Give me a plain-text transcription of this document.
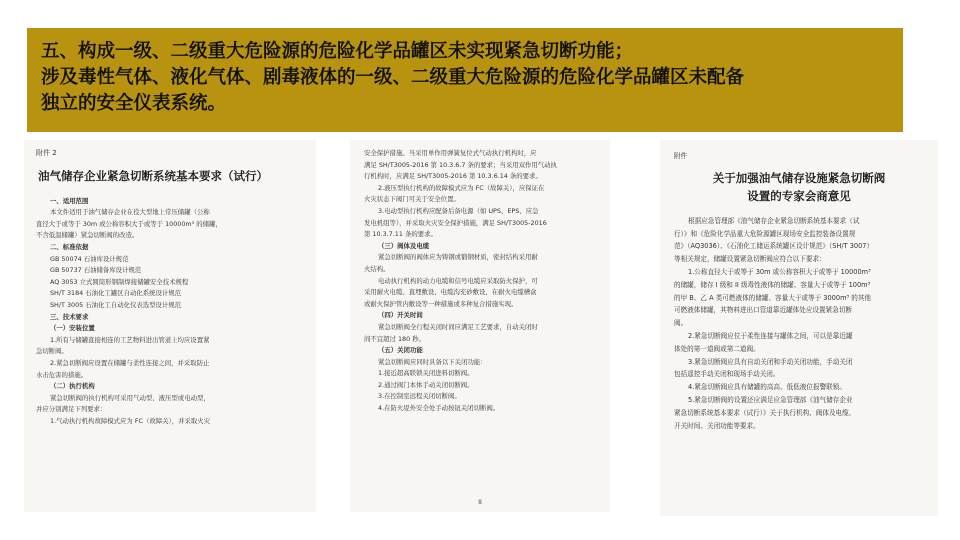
五、构成一级、二级重大危险源的危险化学品罐区未实现紧急切断功能；
涉及毒性气体、液化气体、剧毒液体的一级、二级重大危险源的危险化学品罐区未配备
独立的安全仪表系统。

附件 2

油气储存企业紧急切断系统基本要求（试行）

一、适用范围

本文件适用于油气储存企业在役大型地上常压储罐（公称

直径大于或等于 30m 或公称容积大于或等于 10000m³ 的储罐，

不含低温储罐）紧急切断阀的改造。

二、标准依据

GB 50074 石油库设计规范

GB 50737 石油储备库设计规范

AQ 3053 立式圆筒形钢制焊接储罐安全技术规程

SH/T 3184 石油化工罐区自动化系统设计规范

SH/T 3005 石油化工自动化仪表选型设计规范

三、技术要求

（一）安装位置

1.所有与储罐直接相连的工艺物料进出管道上均应设置紧

急切断阀。

2.紧急切断阀应设置在储罐与柔性连接之间，并采取防止

水击危害的措施。

（二）执行机构

紧急切断阀的执行机构可采用气动型、液压型或电动型，

并应分别满足下列要求：

1.气动执行机构故障模式应为 FC（故障关），并采取火灾

安全保护措施。当采用单作用弹簧复位式气动执行机构时，应

满足 SH/T3005-2016 第 10.3.6.7 条的要求；当采用双作用气动执

行机构时，应满足 SH/T3005-2016 第 10.3.6.14 条的要求。

2.液压型执行机构的故障模式应为 FC（故障关），应保证在

火灾状态下阀门可关于安全位置。

3.电动型执行机构应配备后备电源（如 UPS、EPS、应急

发电机组等），并采取火灾安全保护措施，满足 SH/T3005-2016

第 10.3.7.11 条的要求。

（三）阀体及电缆

紧急切断阀的阀体应为铸钢或锻钢材质，密封结构采用耐

火结构。

电动执行机构的动力电缆和信号电缆应采取防火保护，可

采用耐火电缆、直埋敷设、电缆沟充砂敷设、在耐火电缆槽盒

或耐火保护管内敷设等一种措施或多种复合措施实现。

（四）开关时间

紧急切断阀全行程关闭时间应满足工艺要求，自动关闭时

间不宜超过 180 秒。

（五）关闭功能

紧急切断阀应同时具备以下关闭功能：

1.接近超高联锁关闭进料切断阀。

2.通过阀门本体手动关闭切断阀。

3.在控制室远程关闭切断阀。

4.在防火堤外安全处手动按钮关闭切断阀。

8

附件

关于加强油气储存设施紧急切断阀
设置的专家会商意见

根据应急管理部《油气储存企业紧急切断系统基本要求（试

行）》和《危险化学品重大危险源罐区现场安全监控装备设置规

范》（AQ3036）、《石油化工储运系统罐区设计规范》（SH/T 3007）

等相关规定，储罐设置紧急切断阀应符合以下要求：

1.公称直径大于或等于 30m 或公称容积大于或等于 10000m³

的储罐，储存 I 级和 II 级毒性液体的储罐、容量大于或等于 100m³

的甲 B、乙 A 类可燃液体的储罐、容量大于或等于 3000m³ 的其他

可燃液体储罐，其物料进出口管道靠近罐体处应设置紧急切断

阀。

2.紧急切断阀应位于柔性连接与罐体之间，可以是靠近罐

体处的第一道阀或第二道阀。

3.紧急切断阀应具有自动关闭和手动关闭功能，手动关闭

包括遥控手动关闭和现场手动关闭。

4.紧急切断阀应具有储罐的高高、低低液位报警联锁。

5.紧急切断阀的设置还应满足应急管理部《油气储存企业

紧急切断系统基本要求（试行）》关于执行机构、阀体及电缆、

开关时间、关闭功能等要求。
